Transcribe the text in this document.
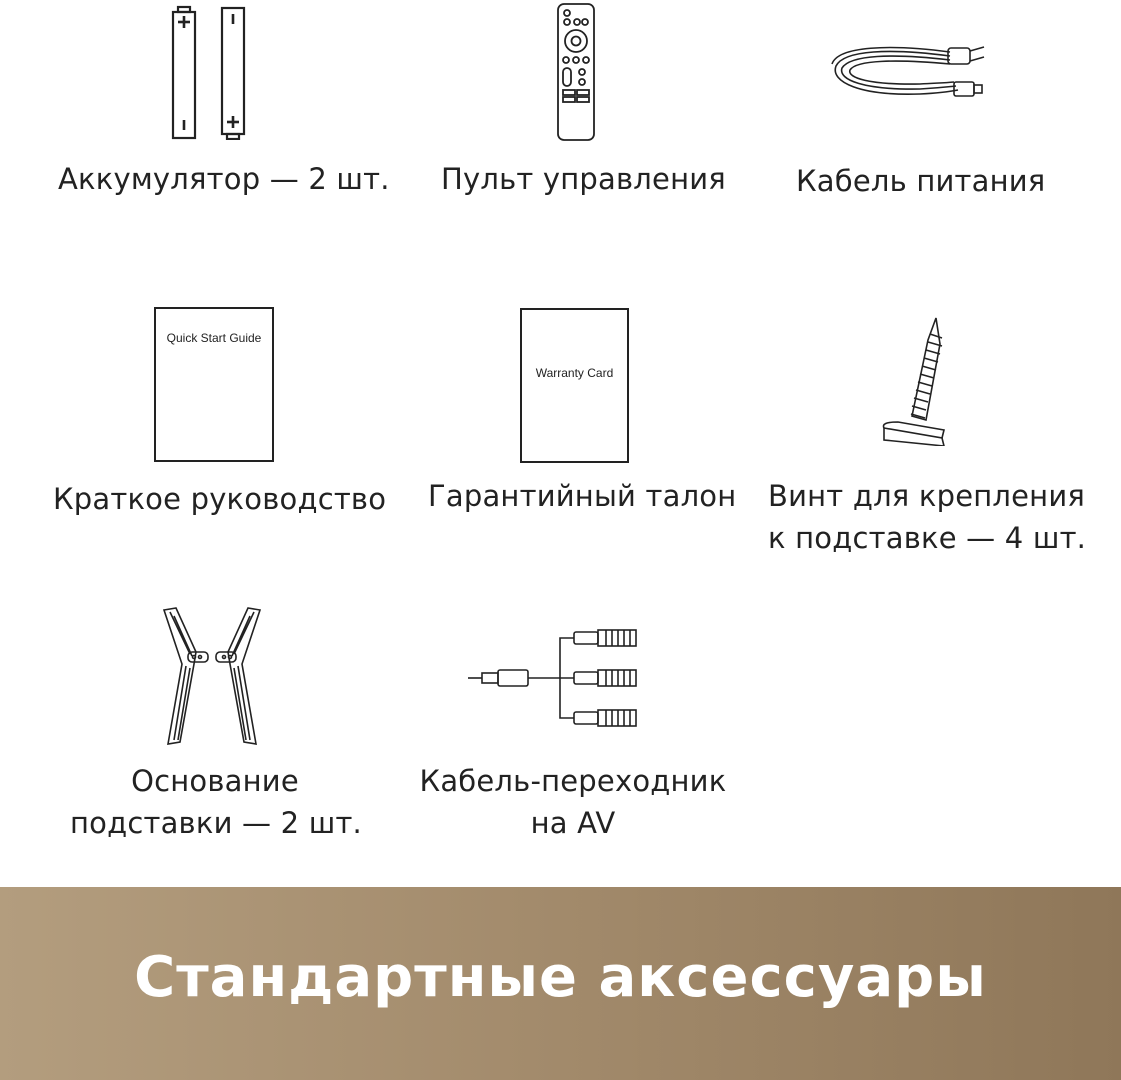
Аккумулятор — 2 шт. Пульт управления Кабель питания
Quick Start Guide
Краткое руководство
Warranty Card
Гарантийный талон Винт для крепления
к подставке — 4 шт.
Основание
подставки — 2 шт.
Кабель-переходник
на AV
Стандартные аксессуары
